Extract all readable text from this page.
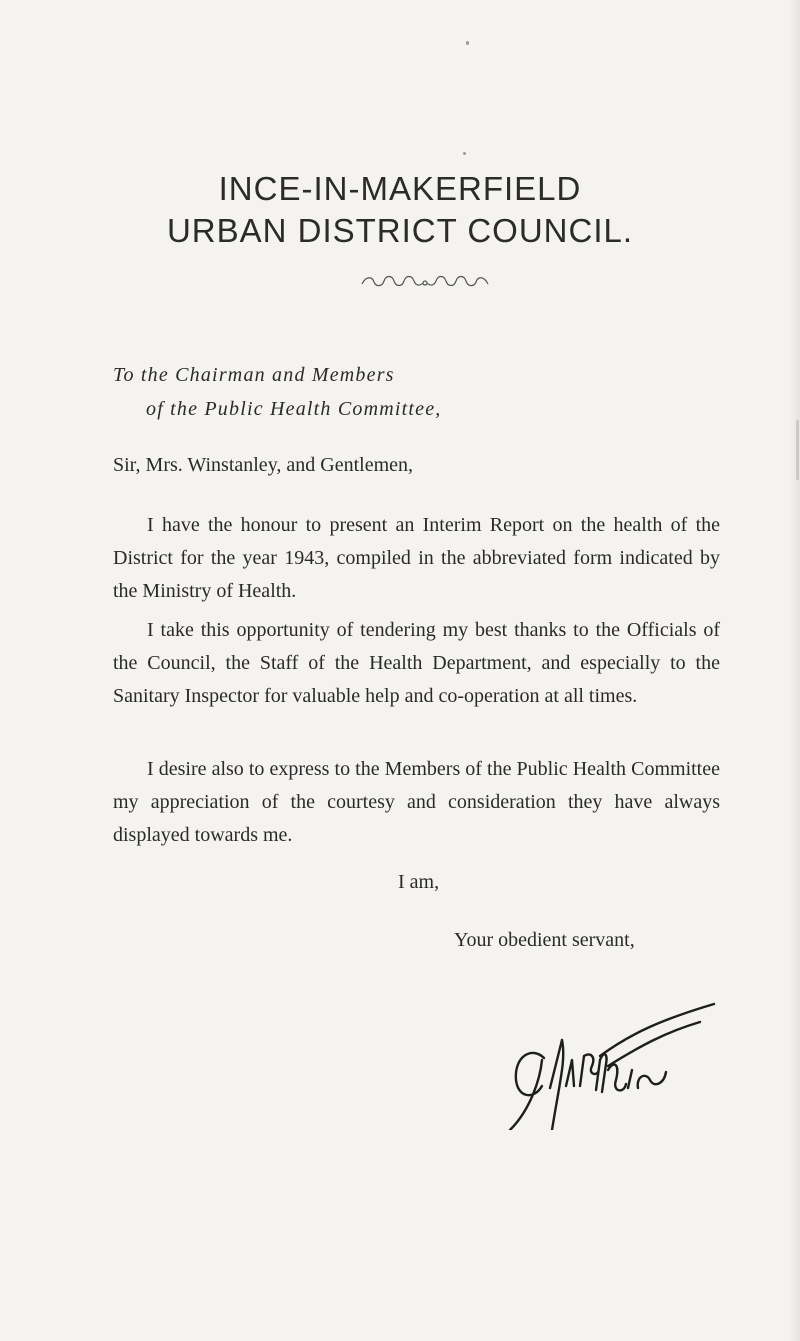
INCE-IN-MAKERFIELD
URBAN DISTRICT COUNCIL.

To the Chairman and Members

of the Public Health Committee,

Sir, Mrs. Winstanley, and Gentlemen,

I have the honour to present an Interim Report on the health of the District for the year 1943, compiled in the abbreviated form indicated by the Ministry of Health.

I take this opportunity of tendering my best thanks to the Officials of the Council, the Staff of the Health Department, and especially to the Sanitary Inspector for valuable help and co-operation at all times.

I desire also to express to the Members of the Public Health Committee my appreciation of the courtesy and consideration they have always displayed towards me.

I am,

Your obedient servant,
